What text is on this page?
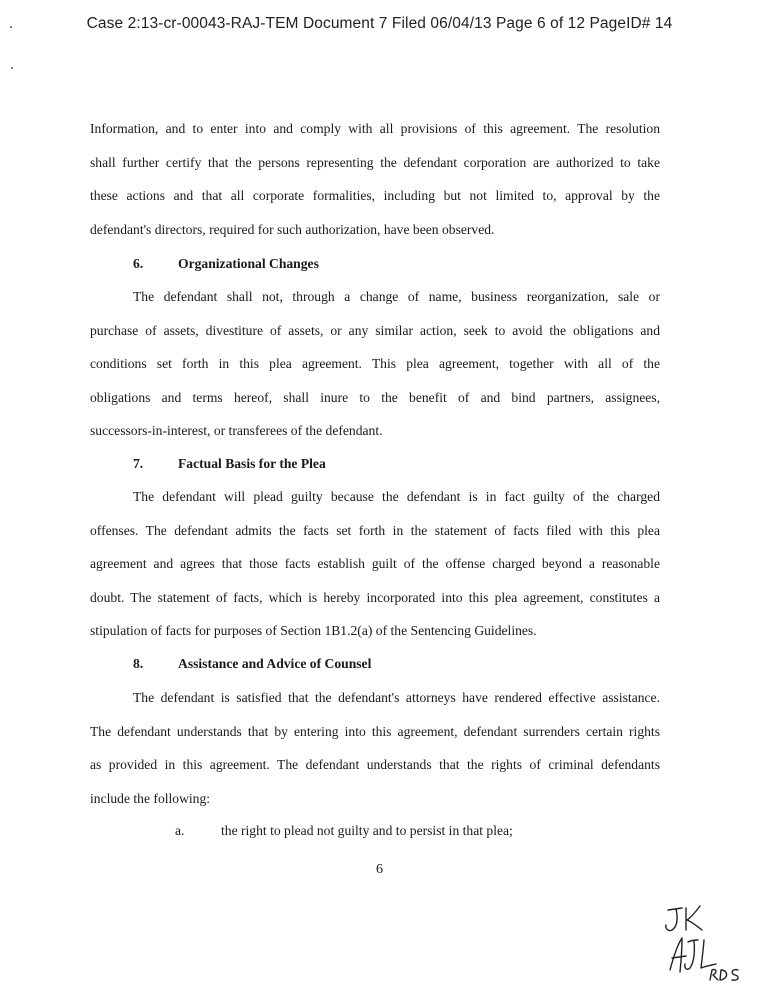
Case 2:13-cr-00043-RAJ-TEM Document 7 Filed 06/04/13 Page 6 of 12 PageID# 14
Information, and to enter into and comply with all provisions of this agreement. The resolution
shall further certify that the persons representing the defendant corporation are authorized to take
these actions and that all corporate formalities, including but not limited to, approval by the
defendant's directors, required for such authorization, have been observed.
6.	Organizational Changes
The defendant shall not, through a change of name, business reorganization, sale or
purchase of assets, divestiture of assets, or any similar action, seek to avoid the obligations and
conditions set forth in this plea agreement. This plea agreement, together with all of the
obligations and terms hereof, shall inure to the benefit of and bind partners, assignees,
successors-in-interest, or transferees of the defendant.
7.	Factual Basis for the Plea
The defendant will plead guilty because the defendant is in fact guilty of the charged
offenses. The defendant admits the facts set forth in the statement of facts filed with this plea
agreement and agrees that those facts establish guilt of the offense charged beyond a reasonable
doubt. The statement of facts, which is hereby incorporated into this plea agreement, constitutes a
stipulation of facts for purposes of Section 1B1.2(a) of the Sentencing Guidelines.
8.	Assistance and Advice of Counsel
The defendant is satisfied that the defendant's attorneys have rendered effective assistance.
The defendant understands that by entering into this agreement, defendant surrenders certain rights
as provided in this agreement. The defendant understands that the rights of criminal defendants
include the following:
a.	the right to plead not guilty and to persist in that plea;
6
